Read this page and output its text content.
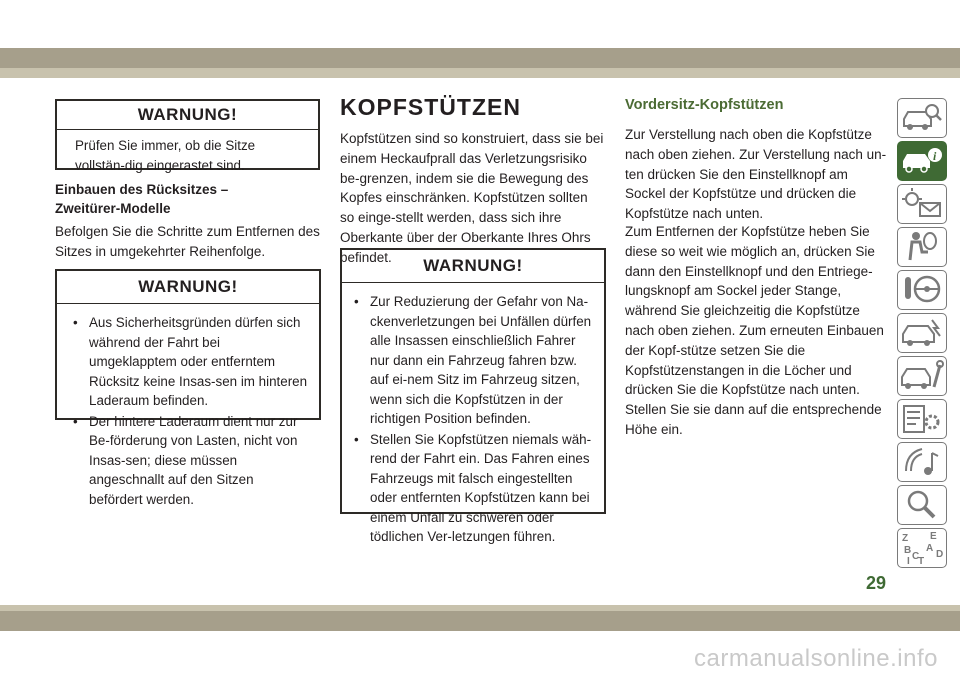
WARNUNG!
Prüfen Sie immer, ob die Sitze vollstän-dig eingerastet sind.
Einbauen des Rücksitzes – Zweitürer-Modelle
Befolgen Sie die Schritte zum Entfernen des Sitzes in umgekehrter Reihenfolge.
WARNUNG!
• Aus Sicherheitsgründen dürfen sich während der Fahrt bei umgeklapptem oder entferntem Rücksitz keine Insas-sen im hinteren Laderaum befinden.
• Der hintere Laderaum dient nur zur Be-förderung von Lasten, nicht von Insas-sen; diese müssen angeschnallt auf den Sitzen befördert werden.
KOPFSTÜTZEN
Kopfstützen sind so konstruiert, dass sie bei einem Heckaufprall das Verletzungsrisiko be-grenzen, indem sie die Bewegung des Kopfes einschränken. Kopfstützen sollten so einge-stellt werden, dass sich ihre Oberkante über der Oberkante Ihres Ohrs befindet.	WARNUNG!
• Zur Reduzierung der Gefahr von Na-ckenverletzungen bei Unfällen dürfen alle Insassen einschließlich Fahrer nur dann ein Fahrzeug fahren bzw. auf ei-nem Sitz im Fahrzeug sitzen, wenn sich die Kopfstützen in der richtigen Position befinden.
• Stellen Sie Kopfstützen niemals wäh-rend der Fahrt ein. Das Fahren eines Fahrzeugs mit falsch eingestellten oder entfernten Kopfstützen kann bei einem Unfall zu schweren oder tödlichen Ver-letzungen führen.
Vordersitz-Kopfstützen
Zur Verstellung nach oben die Kopfstütze nach oben ziehen. Zur Verstellung nach un-ten drücken Sie den Einstellknopf am Sockel der Kopfstütze und drücken die Kopfstütze nach unten.
Zum Entfernen der Kopfstütze heben Sie diese so weit wie möglich an, drücken Sie dann den Einstellknopf und den Entriege-lungsknopf am Sockel jeder Stange, während Sie gleichzeitig die Kopfstütze nach oben ziehen. Zum erneuten Einbauen der Kopf-stütze setzen Sie die Kopfstützenstangen in die Löcher und drücken Sie die Kopfstütze nach unten. Stellen Sie sie dann auf die entsprechende Höhe ein.
i
Z E
B A
C D
I T
29
carmanualsonline.info
